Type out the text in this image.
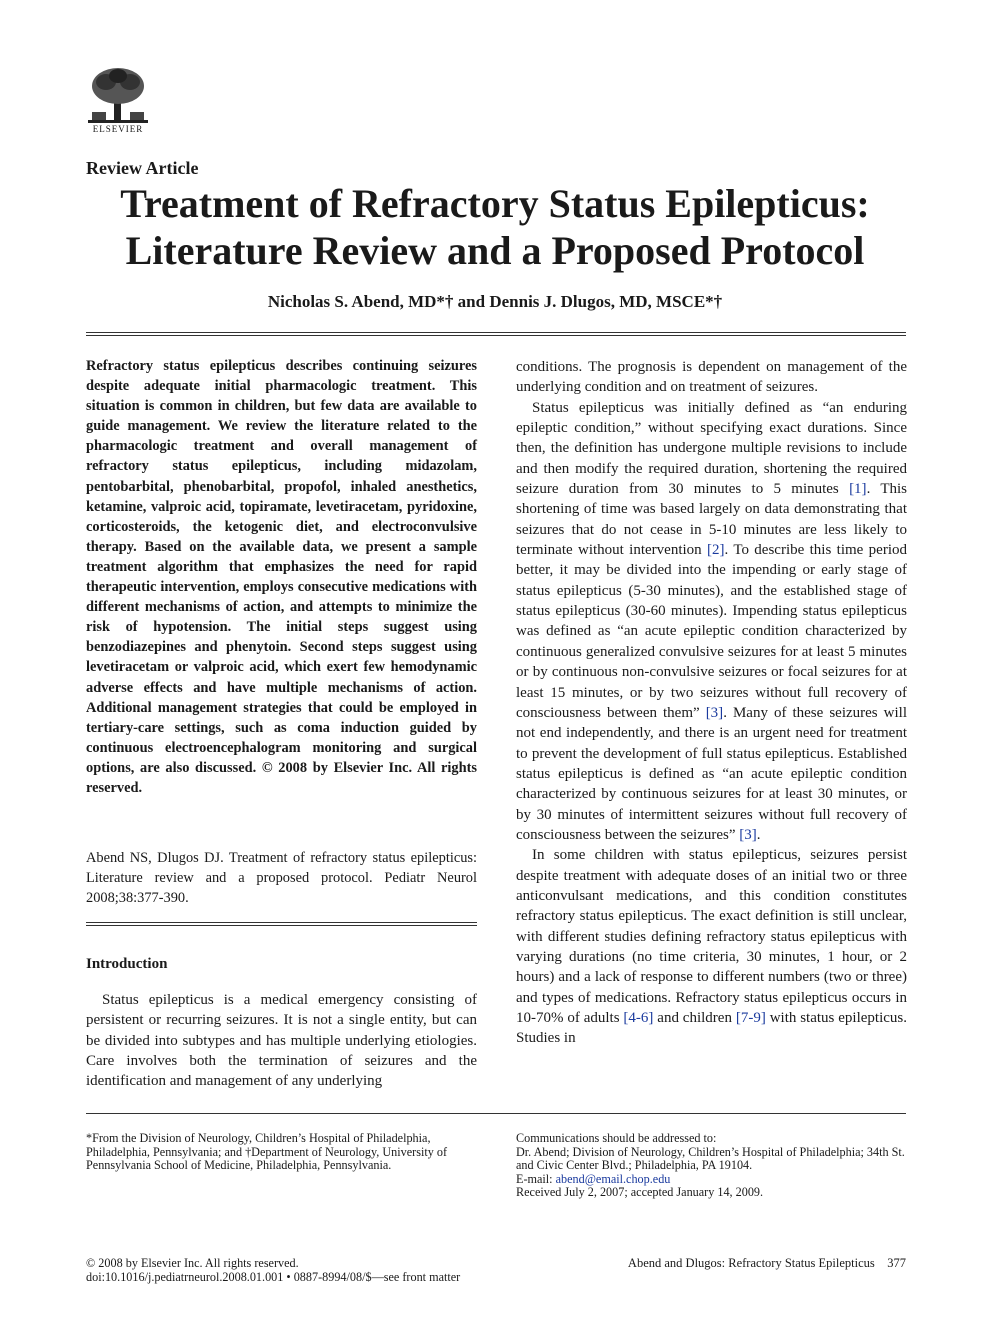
ELSEVIER
Review Article
Treatment of Refractory Status Epilepticus:
Literature Review and a Proposed Protocol
Nicholas S. Abend, MD*† and Dennis J. Dlugos, MD, MSCE*†
Refractory status epilepticus describes continuing seizures despite adequate initial pharmacologic treatment. This situation is common in children, but few data are available to guide management. We review the literature related to the pharmacologic treatment and overall management of refractory status epilepticus, including midazolam, pentobarbital, phenobarbital, propofol, inhaled anesthetics, ketamine, valproic acid, topiramate, levetiracetam, pyridoxine, corticosteroids, the ketogenic diet, and electroconvulsive therapy. Based on the available data, we present a sample treatment algorithm that emphasizes the need for rapid therapeutic intervention, employs consecutive medications with different mechanisms of action, and attempts to minimize the risk of hypotension. The initial steps suggest using benzodiazepines and phenytoin. Second steps suggest using levetiracetam or valproic acid, which exert few hemodynamic adverse effects and have multiple mechanisms of action. Additional management strategies that could be employed in tertiary-care settings, such as coma induction guided by continuous electroencephalogram monitoring and surgical options, are also discussed. © 2008 by Elsevier Inc. All rights reserved.
Abend NS, Dlugos DJ. Treatment of refractory status epilepticus: Literature review and a proposed protocol. Pediatr Neurol 2008;38:377-390.
Introduction
Status epilepticus is a medical emergency consisting of persistent or recurring seizures. It is not a single entity, but can be divided into subtypes and has multiple underlying etiologies. Care involves both the termination of seizures and the identification and management of any underlying

conditions. The prognosis is dependent on management of the underlying condition and on treatment of seizures.

Status epilepticus was initially defined as “an enduring epileptic condition,” without specifying exact durations. Since then, the definition has undergone multiple revisions to include and then modify the required duration, shortening the required seizure duration from 30 minutes to 5 minutes [1]. This shortening of time was based largely on data demonstrating that seizures that do not cease in 5-10 minutes are less likely to terminate without intervention [2]. To describe this time period better, it may be divided into the impending or early stage of status epilepticus (5-30 minutes), and the established stage of status epilepticus (30-60 minutes). Impending status epilepticus was defined as “an acute epileptic condition characterized by continuous generalized convulsive seizures for at least 5 minutes or by continuous non-convulsive seizures or focal seizures for at least 15 minutes, or by two seizures without full recovery of consciousness between them” [3]. Many of these seizures will not end independently, and there is an urgent need for treatment to prevent the development of full status epilepticus. Established status epilepticus is defined as “an acute epileptic condition characterized by continuous seizures for at least 30 minutes, or by 30 minutes of intermittent seizures without full recovery of consciousness between the seizures” [3].

In some children with status epilepticus, seizures persist despite treatment with adequate doses of an initial two or three anticonvulsant medications, and this condition constitutes refractory status epilepticus. The exact definition is still unclear, with different studies defining refractory status epilepticus with varying durations (no time criteria, 30 minutes, 1 hour, or 2 hours) and a lack of response to different numbers (two or three) and types of medications. Refractory status epilepticus occurs in 10-70% of adults [4-6] and children [7-9] with status epilepticus. Studies in

*From the Division of Neurology, Children’s Hospital of Philadelphia, Philadelphia, Pennsylvania; and †Department of Neurology, University of Pennsylvania School of Medicine, Philadelphia, Pennsylvania.
Communications should be addressed to:
Dr. Abend; Division of Neurology, Children’s Hospital of Philadelphia; 34th St. and Civic Center Blvd.; Philadelphia, PA 19104.
E-mail: abend@email.chop.edu
Received July 2, 2007; accepted January 14, 2009.
© 2008 by Elsevier Inc. All rights reserved.
doi:10.1016/j.pediatrneurol.2008.01.001 • 0887-8994/08/$—see front matter
Abend and Dlugos: Refractory Status Epilepticus 377
